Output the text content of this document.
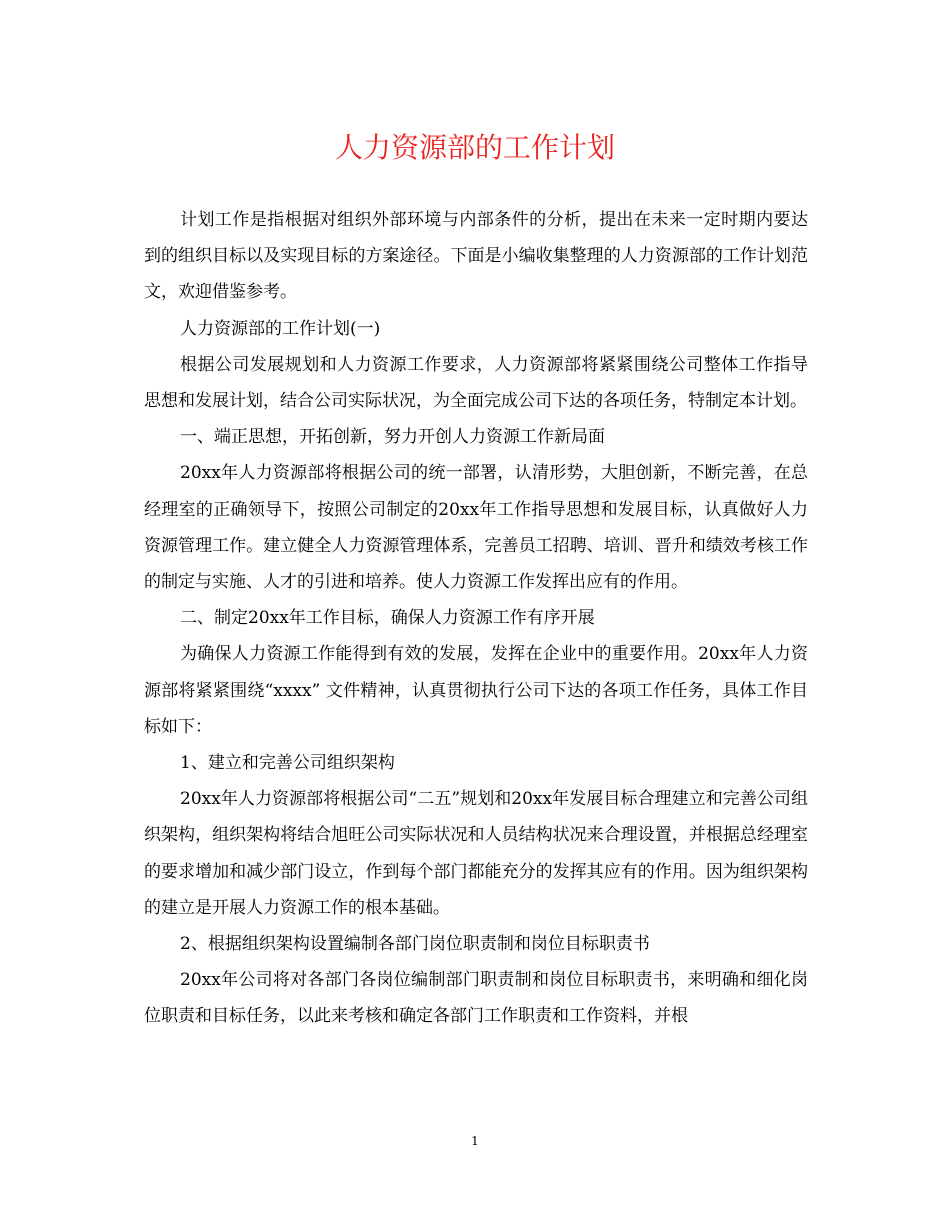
人力资源部的工作计划

计划工作是指根据对组织外部环境与内部条件的分析，提出在未来一定时期内要达到的组织目标以及实现目标的方案途径。下面是小编收集整理的人力资源部的工作计划范文，欢迎借鉴参考。

人力资源部的工作计划(一)

根据公司发展规划和人力资源工作要求，人力资源部将紧紧围绕公司整体工作指导思想和发展计划，结合公司实际状况，为全面完成公司下达的各项任务，特制定本计划。

一、端正思想，开拓创新，努力开创人力资源工作新局面

20xx年人力资源部将根据公司的统一部署，认清形势，大胆创新，不断完善，在总经理室的正确领导下，按照公司制定的20xx年工作指导思想和发展目标，认真做好人力资源管理工作。建立健全人力资源管理体系，完善员工招聘、培训、晋升和绩效考核工作的制定与实施、人才的引进和培养。使人力资源工作发挥出应有的作用。

二、制定20xx年工作目标，确保人力资源工作有序开展

为确保人力资源工作能得到有效的发展，发挥在企业中的重要作用。20xx年人力资源部将紧紧围绕“xxxx” 文件精神，认真贯彻执行公司下达的各项工作任务，具体工作目标如下：

1、建立和完善公司组织架构

20xx年人力资源部将根据公司“二五”规划和20xx年发展目标合理建立和完善公司组织架构，组织架构将结合旭旺公司实际状况和人员结构状况来合理设置，并根据总经理室的要求增加和减少部门设立，作到每个部门都能充分的发挥其应有的作用。因为组织架构的建立是开展人力资源工作的根本基础。

2、根据组织架构设置编制各部门岗位职责制和岗位目标职责书

20xx年公司将对各部门各岗位编制部门职责制和岗位目标职责书，来明确和细化岗位职责和目标任务，以此来考核和确定各部门工作职责和工作资料，并根

1
